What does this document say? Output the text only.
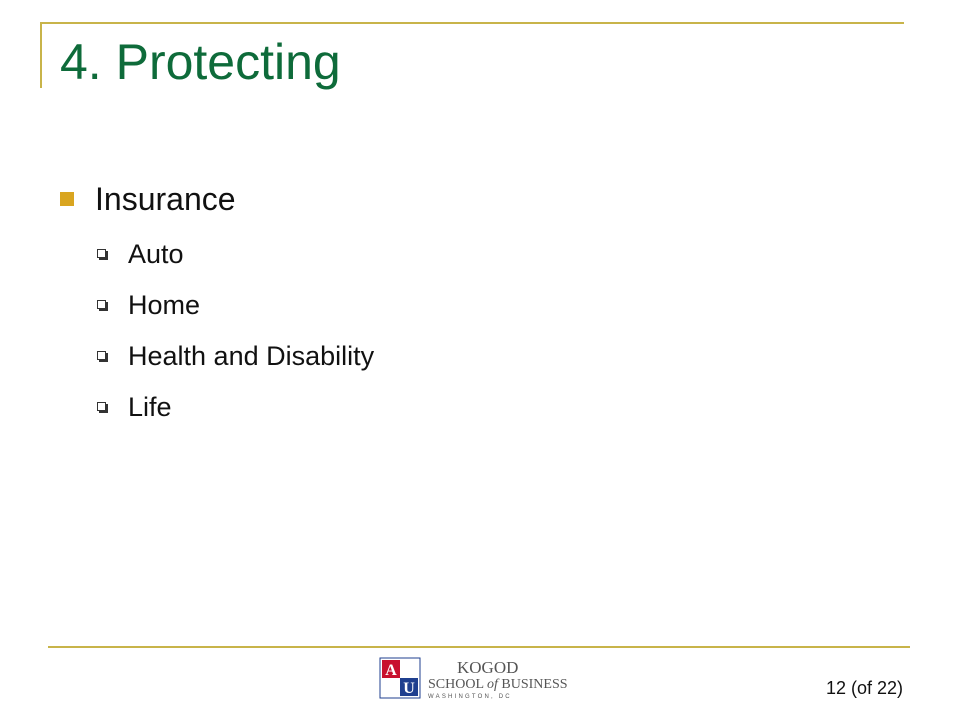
4. Protecting
Insurance
Auto
Home
Health and Disability
Life
A
U
KOGOD
SCHOOL of BUSINESS
WASHINGTON, DC	12 (of 22)
